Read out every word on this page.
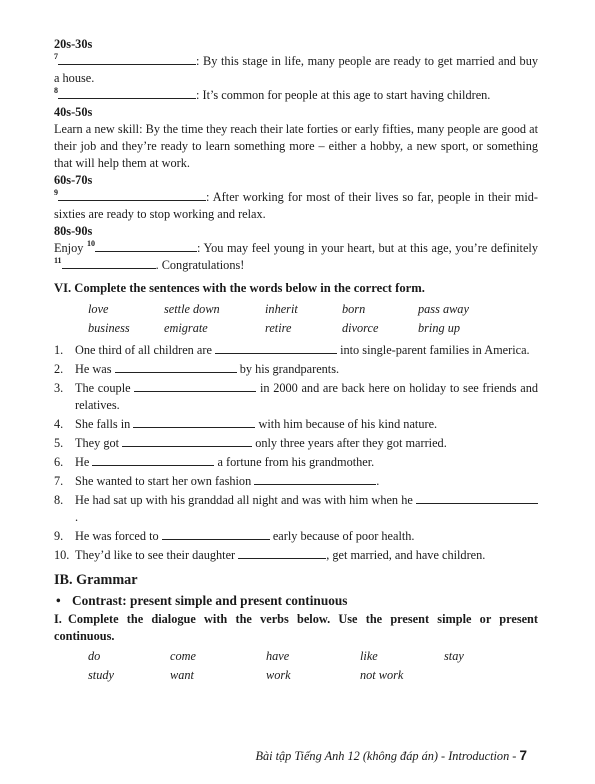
20s-30s
$^7$	: By this stage in life, many people are ready to get married and buy a house.
$^8$	: It’s common for people at this age to start having children.
40s-50s
Learn a new skill: By the time they reach their late forties or early fifties, many people are good at their job and they’re ready to learn something more – either a hobby, a new sport, or something that will help them at work.
60s-70s
$^9$	: After working for most of their lives so far, people in their mid-sixties are ready to stop working and relax.
80s-90s
Enjoy $^{10}$	: You may feel young in your heart, but at this age, you’re definitely $^{11}$	. Congratulations!
VI. Complete the sentences with the words below in the correct form.
love	settle down	inherit	born	pass away
business	emigrate	retire	divorce	bring up
1. One third of all children are	into single-parent families in America.
2. He was	by his grandparents.
3. The couple	in 2000 and are back here on holiday to see friends and relatives.
4. She falls in	with him because of his kind nature.
5. They got	only three years after they got married.
6. He	a fortune from his grandmother.
7. She wanted to start her own fashion	.
8. He had sat up with his granddad all night and was with him when he .
9. He was forced to	early because of poor health.
10. They’d like to see their daughter	, get married, and have children.
IB. Grammar
• Contrast: present simple and present continuous
I. Complete the dialogue with the verbs below. Use the present simple or present continuous.
do	come	have	like	stay
study	want	work	not work	
Bài tập Tiếng Anh 12 (không đáp án) - Introduction - 7
